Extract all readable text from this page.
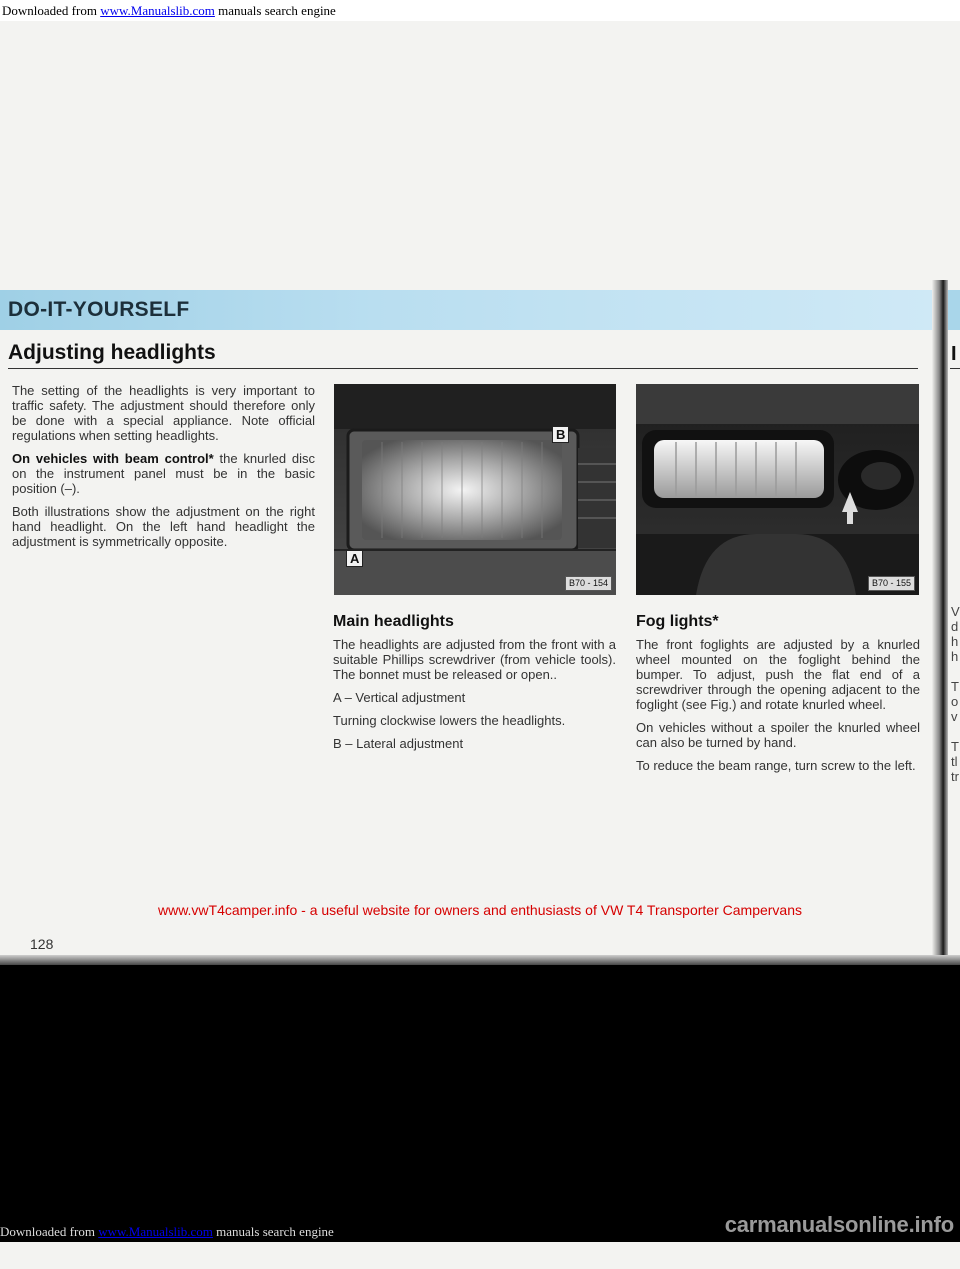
Downloaded from www.Manualslib.com manuals search engine
DO-IT-YOURSELF
Adjusting headlights	I

The setting of the headlights is very important to traffic safety. The adjustment should therefore only be done with a special appliance. Note official regulations when setting headlights.

On vehicles with beam control* the knurled disc on the instrument panel must be in the basic position (–).

Both illustrations show the adjustment on the right hand headlight. On the left hand headlight the adjustment is symmetrically opposite.

B
A
B70 - 154	B70 - 155
Main headlights

The headlights are adjusted from the front with a suitable Phillips screwdriver (from vehicle tools). The bonnet must be released or open..

A – Vertical adjustment

Turning clockwise lowers the headlights.

B – Lateral adjustment

Fog lights*

The front foglights are adjusted by a knurled wheel mounted on the foglight behind the bumper. To adjust, push the flat end of a screwdriver through the opening adjacent to the foglight (see Fig.) and rotate knurled wheel.

On vehicles without a spoiler the knurled wheel can also be turned by hand.

To reduce the beam range, turn screw to the left.

V
d
h
h
T
o
v
T
tl
tr
www.vwT4camper.info - a useful website for owners and enthusiasts of VW T4 Transporter Campervans
128
Downloaded from www.Manualslib.com manuals search engine	carmanualsonline.info
